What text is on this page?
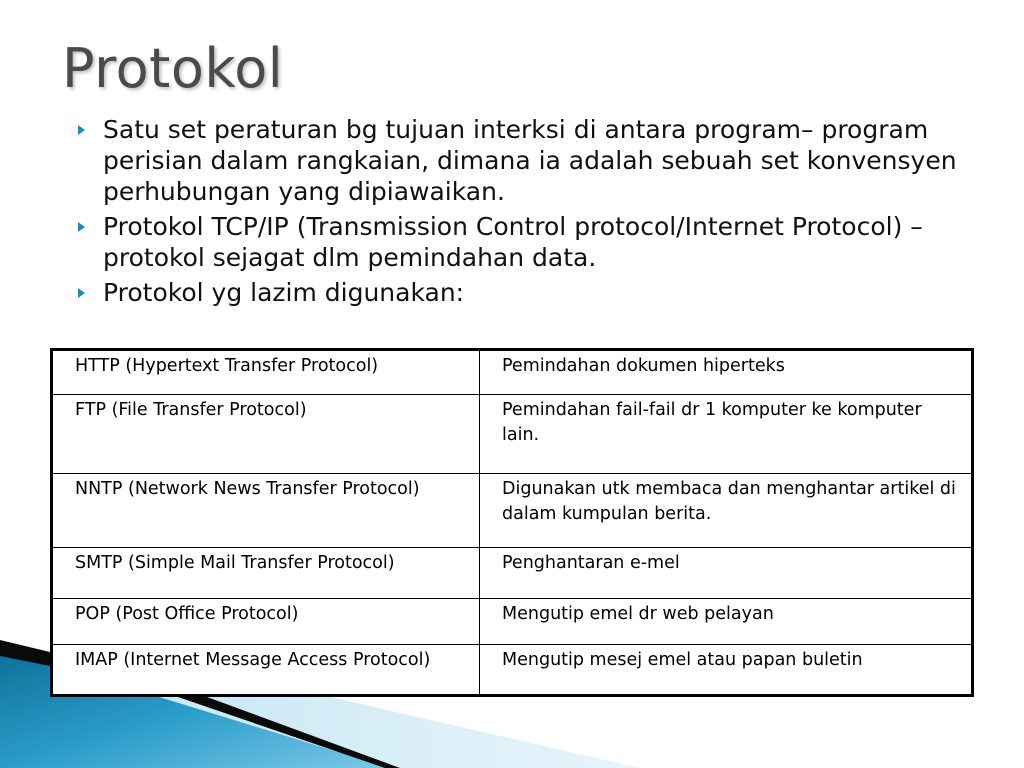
Protokol
Satu set peraturan bg tujuan interksi di antara program– program perisian dalam rangkaian, dimana ia adalah sebuah set konvensyen perhubungan yang dipiawaikan.
Protokol TCP/IP (Transmission Control protocol/Internet Protocol) – protokol sejagat dlm pemindahan data.
Protokol yg lazim digunakan:
HTTP (Hypertext Transfer Protocol)	Pemindahan dokumen hiperteks
FTP (File Transfer Protocol)	Pemindahan fail-fail dr 1 komputer ke komputer lain.
NNTP (Network News Transfer Protocol)	Digunakan utk membaca dan menghantar artikel di dalam kumpulan berita.
SMTP (Simple Mail Transfer Protocol)	Penghantaran e-mel
POP (Post Office Protocol)	Mengutip emel dr web pelayan
IMAP (Internet Message Access Protocol)	Mengutip mesej emel atau papan buletin
